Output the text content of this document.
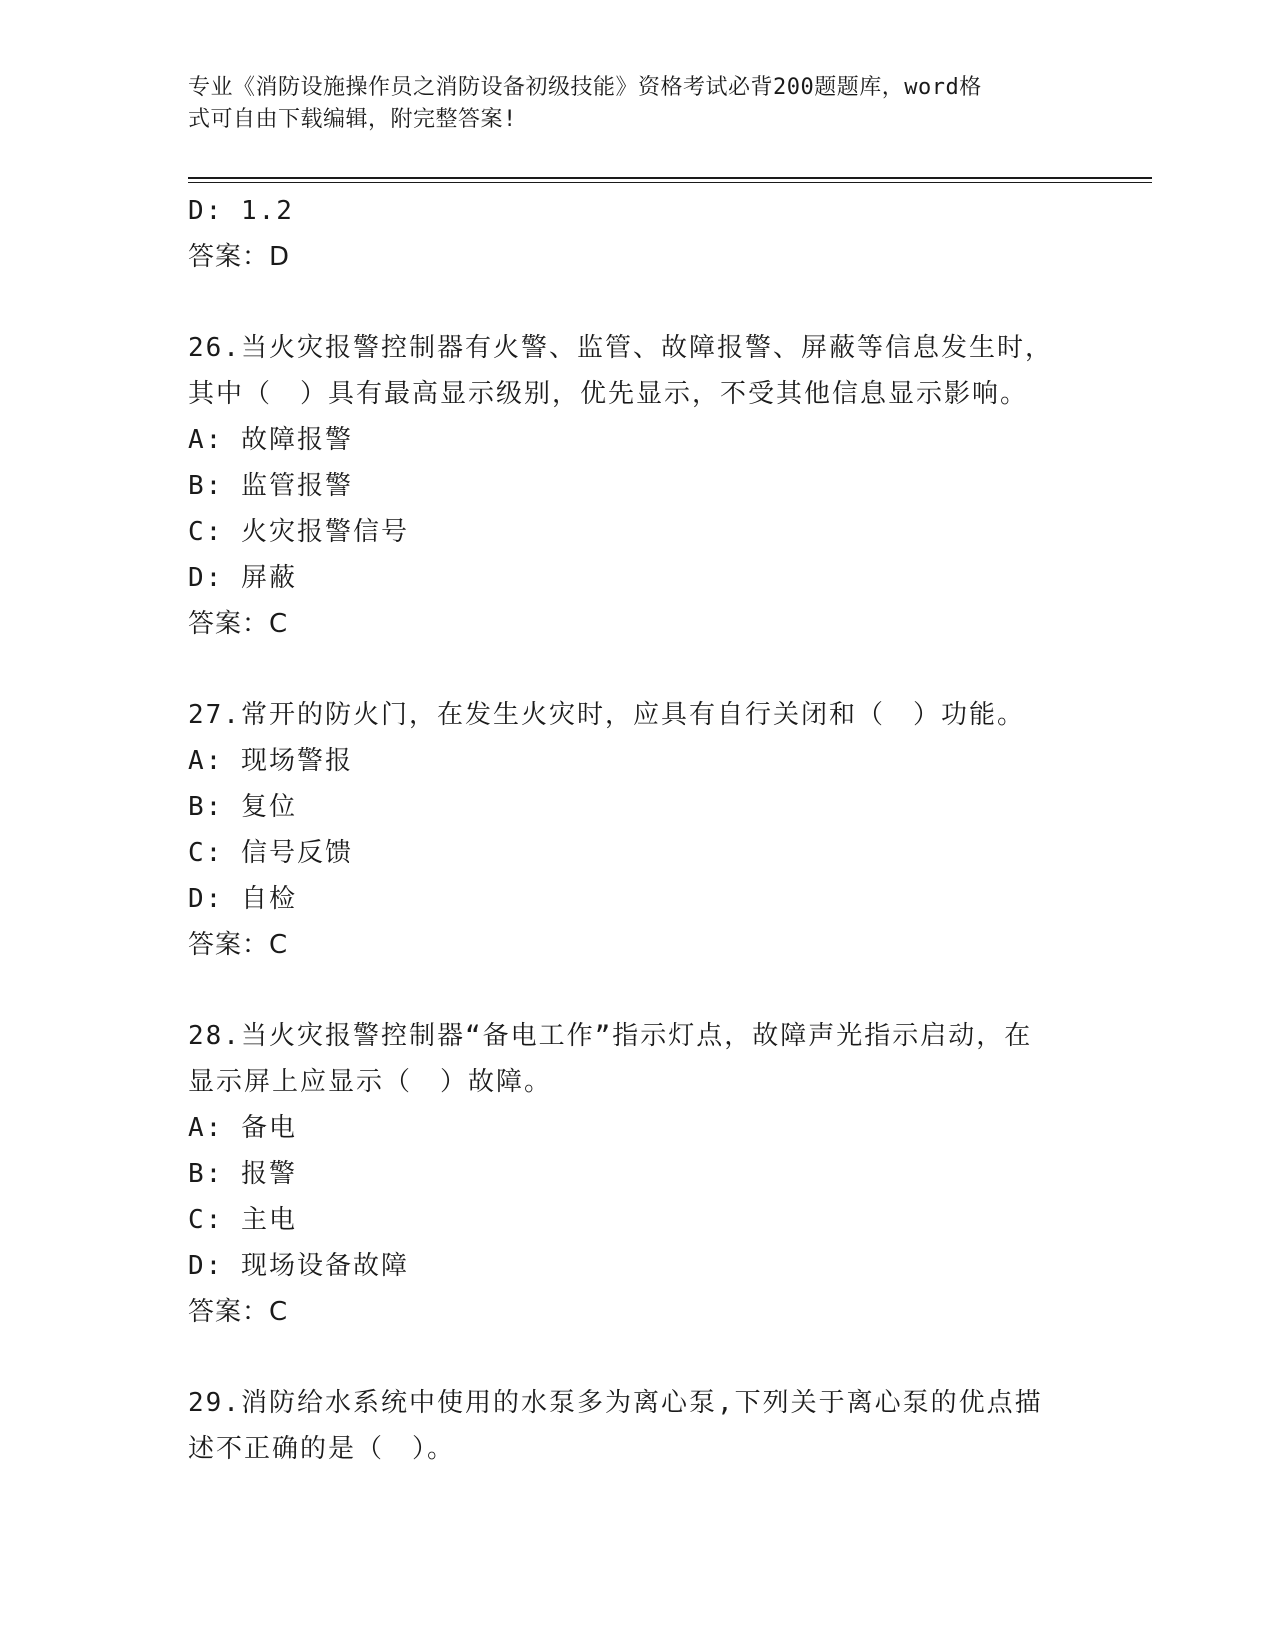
专业《消防设施操作员之消防设备初级技能》资格考试必背200题题库，word格
式可自由下载编辑，附完整答案!
D: 1.2
答案：D
26.当火灾报警控制器有火警、监管、故障报警、屏蔽等信息发生时，
其中（　）具有最高显示级别，优先显示，不受其他信息显示影响。
A: 故障报警
B: 监管报警
C: 火灾报警信号
D: 屏蔽
答案：C
27.常开的防火门，在发生火灾时，应具有自行关闭和（　）功能。
A: 现场警报
B: 复位
C: 信号反馈
D: 自检
答案：C
28.当火灾报警控制器“备电工作”指示灯点，故障声光指示启动，在
显示屏上应显示（　）故障。
A: 备电
B: 报警
C: 主电
D: 现场设备故障
答案：C
29.消防给水系统中使用的水泵多为离心泵,下列关于离心泵的优点描
述不正确的是（　）。
